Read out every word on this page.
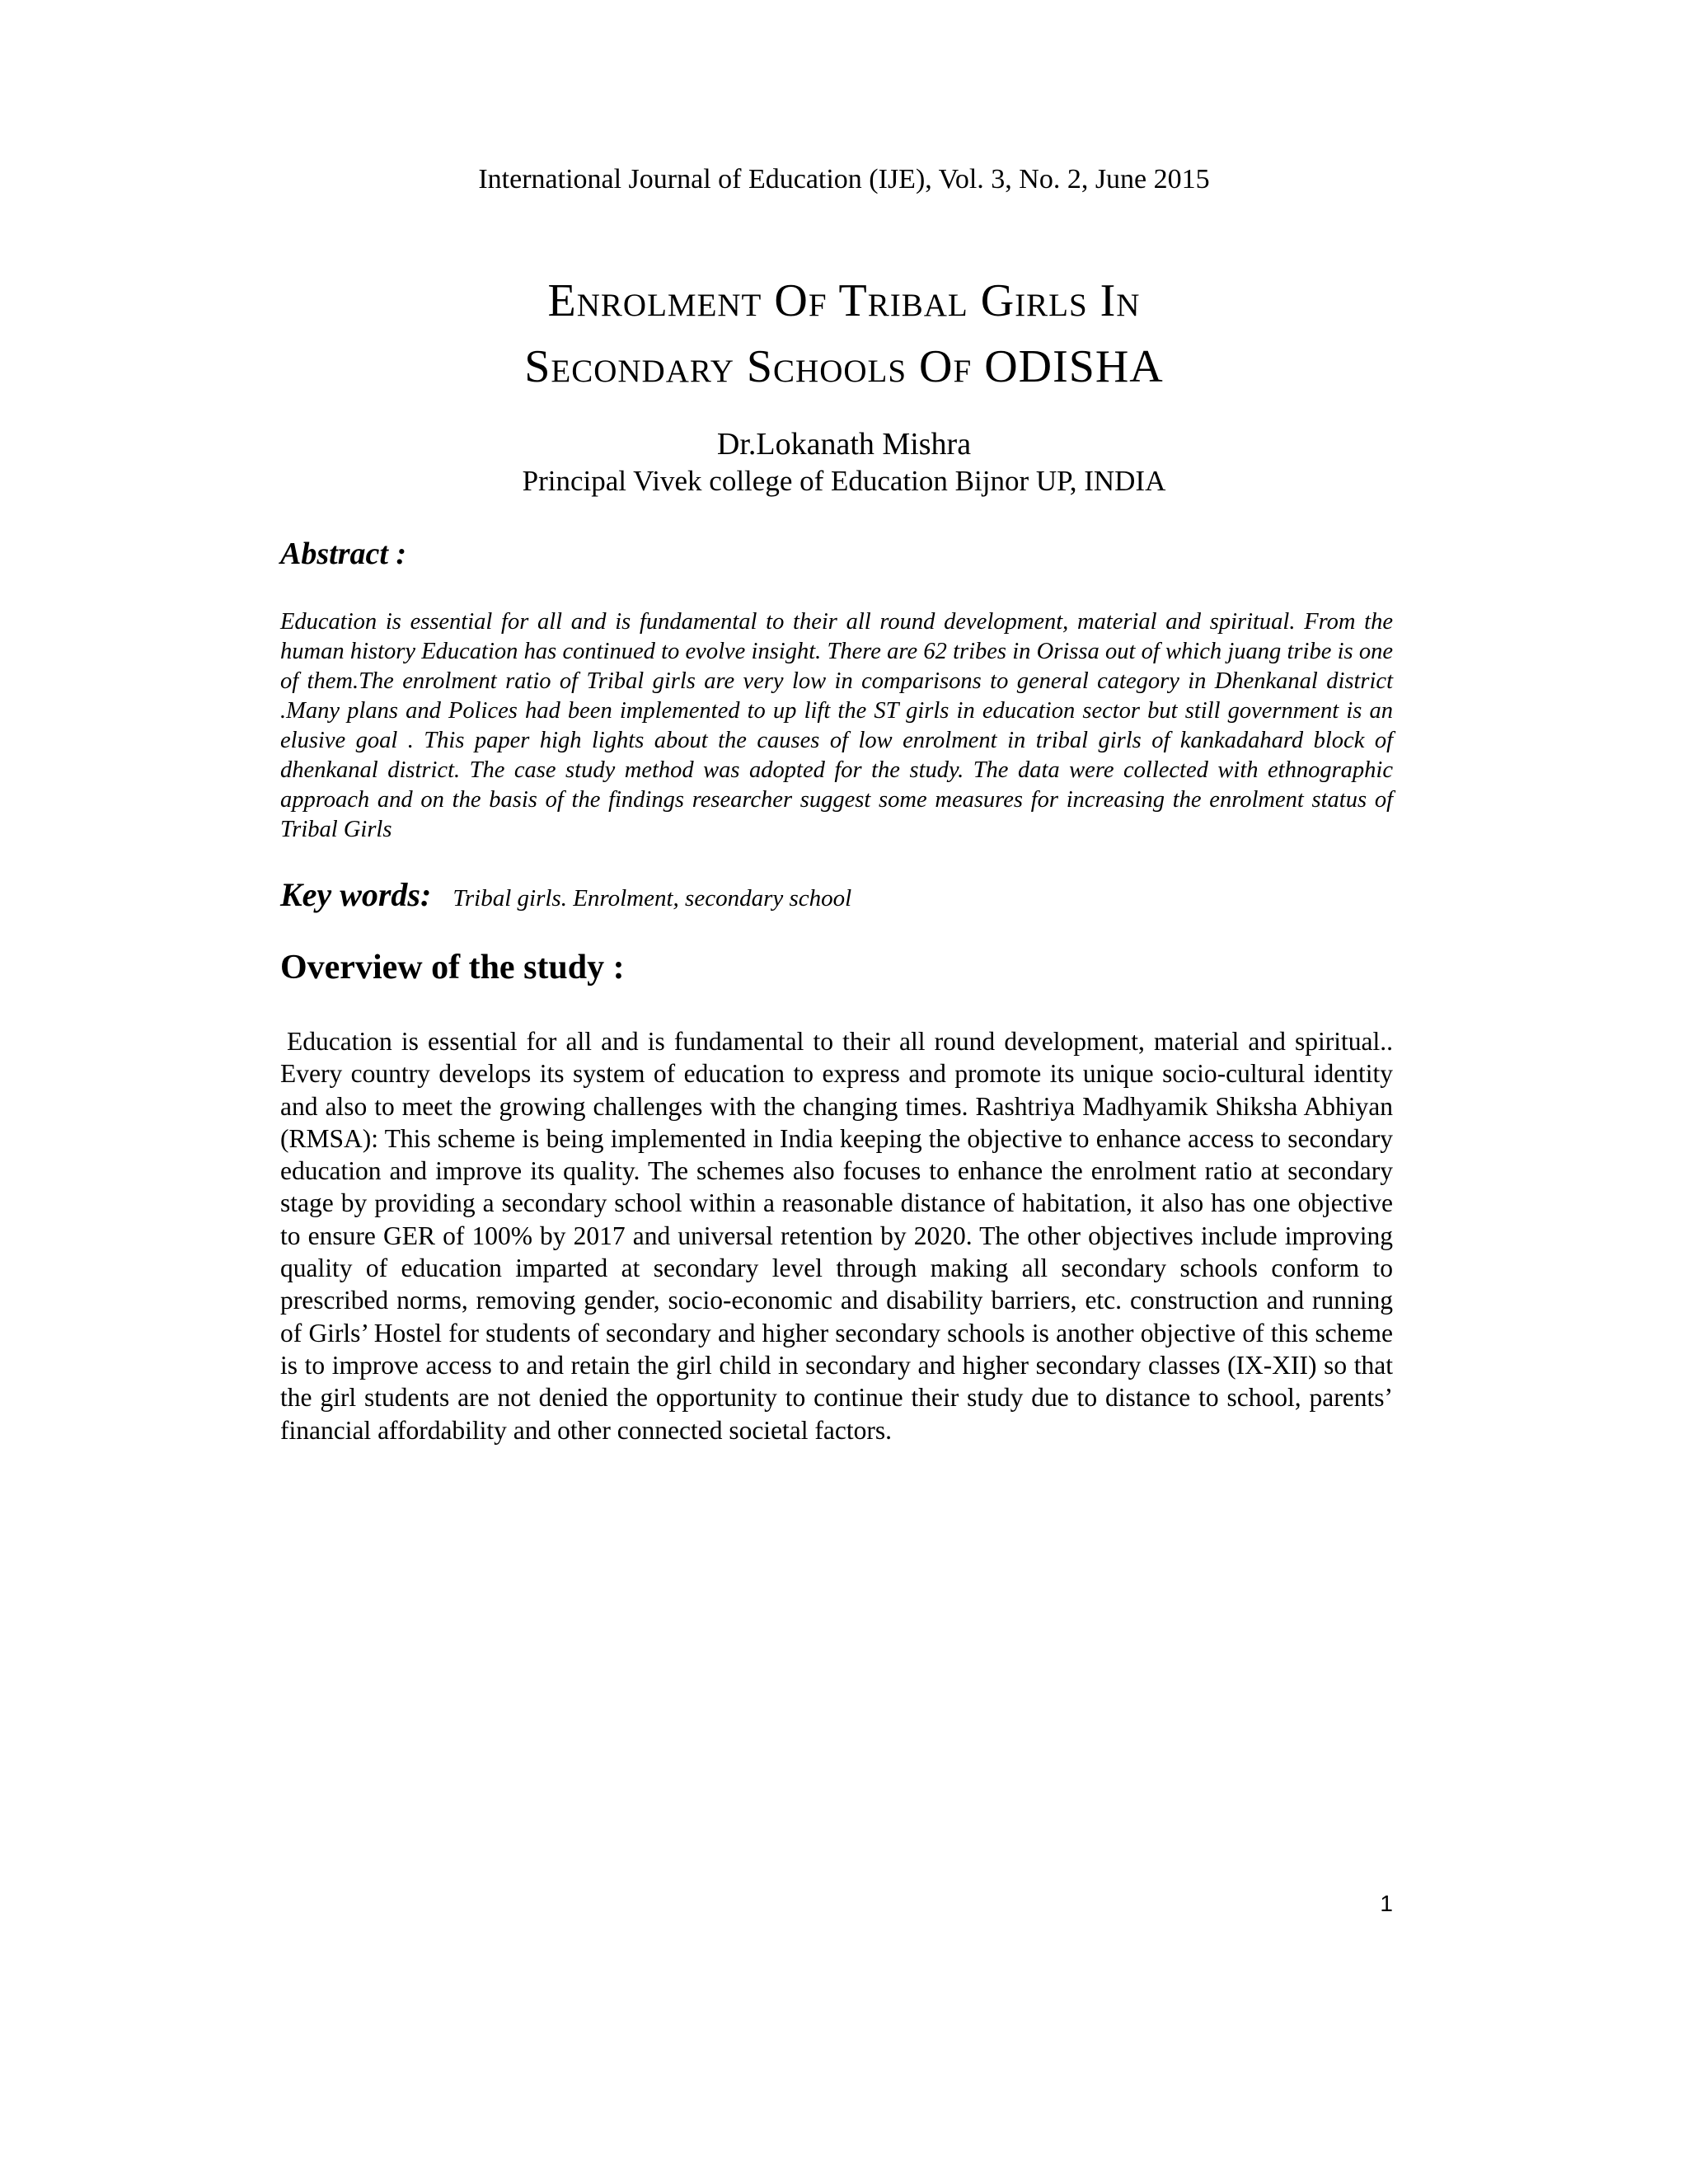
International Journal of Education (IJE), Vol. 3, No. 2, June 2015
Enrolment Of Tribal Girls In
Secondary Schools Of ODISHA
Dr.Lokanath Mishra
Principal Vivek college of Education Bijnor UP, INDIA
Abstract :

Education is essential for all and is fundamental to their all round development, material and spiritual. From the human history Education has continued to evolve insight. There are 62 tribes in Orissa out of which juang tribe is one of them.The enrolment ratio of Tribal girls are very low in comparisons to general category in Dhenkanal district .Many plans and Polices had been implemented to up lift the ST girls in education sector but still government is an elusive goal . This paper high lights about the causes of low enrolment in tribal girls of kankadahard block of dhenkanal district. The case study method was adopted for the study. The data were collected with ethnographic approach and on the basis of the findings researcher suggest some measures for increasing the enrolment status of Tribal Girls

Key words: Tribal girls. Enrolment, secondary school
Overview of the study :

Education is essential for all and is fundamental to their all round development, material and spiritual.. Every country develops its system of education to express and promote its unique socio-cultural identity and also to meet the growing challenges with the changing times. Rashtriya Madhyamik Shiksha Abhiyan (RMSA): This scheme is being implemented in India keeping the objective to enhance access to secondary education and improve its quality. The schemes also focuses to enhance the enrolment ratio at secondary stage by providing a secondary school within a reasonable distance of habitation, it also has one objective to ensure GER of 100% by 2017 and universal retention by 2020. The other objectives include improving quality of education imparted at secondary level through making all secondary schools conform to prescribed norms, removing gender, socio-economic and disability barriers, etc. construction and running of Girls’ Hostel for students of secondary and higher secondary schools is another objective of this scheme is to improve access to and retain the girl child in secondary and higher secondary classes (IX-XII) so that the girl students are not denied the opportunity to continue their study due to distance to school, parents’ financial affordability and other connected societal factors.

1
